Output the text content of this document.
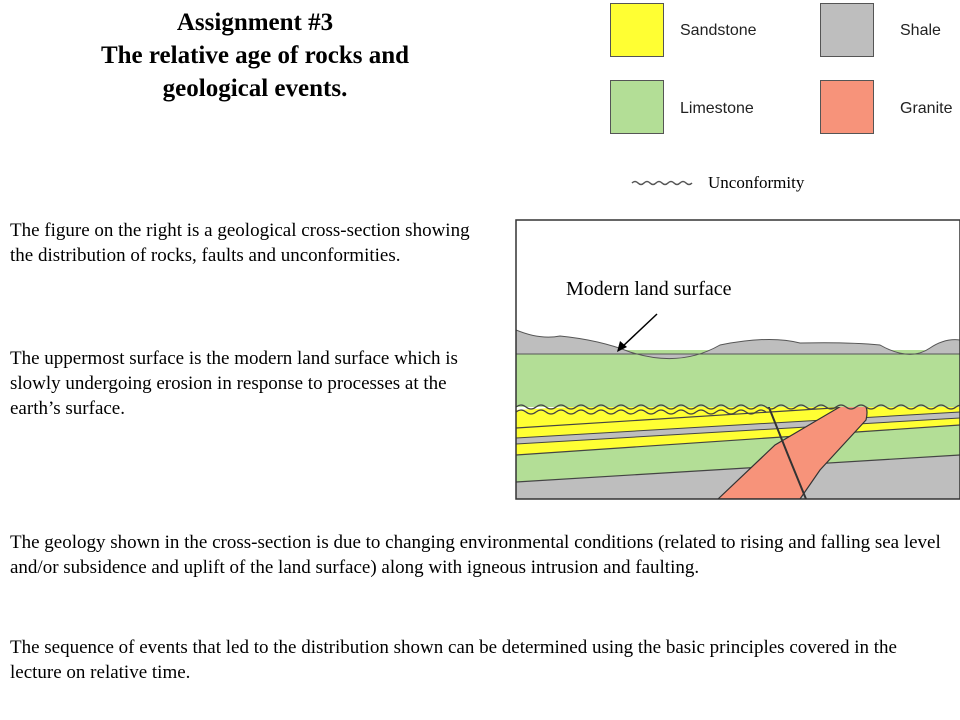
Assignment #3
The relative age of rocks and
geological events.
Sandstone	Shale
Limestone	Granite
Unconformity
Modern land surface

The figure on the right is a geological cross-section showing the distribution of rocks, faults and unconformities.

The uppermost surface is the modern land surface which is slowly undergoing erosion in response to processes at the earth’s surface.

The geology shown in the cross-section is due to changing environmental conditions (related to rising and falling sea level and/or subsidence and uplift of the land surface) along with igneous intrusion and faulting.

The sequence of events that led to the distribution shown can be determined using the basic principles covered in the lecture on relative time.
